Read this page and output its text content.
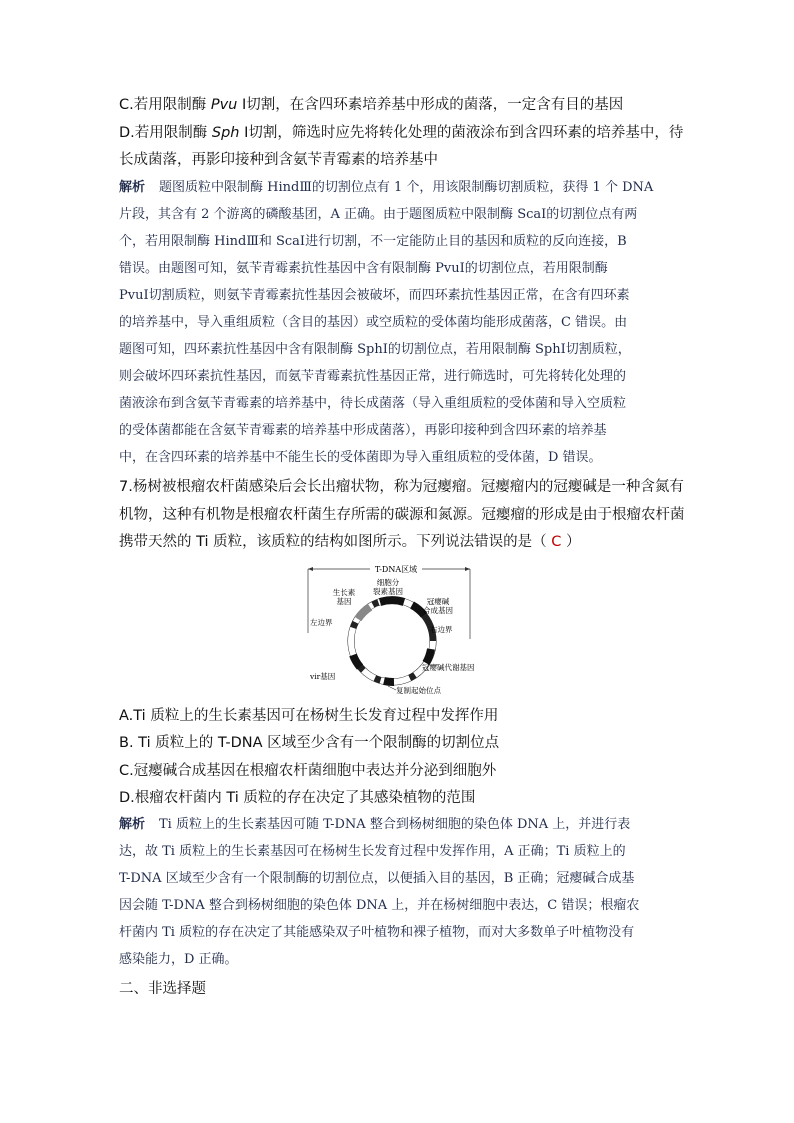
C.若用限制酶 Pvu Ⅰ切割，在含四环素培养基中形成的菌落，一定含有目的基因
D.若用限制酶 Sph Ⅰ切割，筛选时应先将转化处理的菌液涂布到含四环素的培养基中，待
长成菌落，再影印接种到含氨苄青霉素的培养基中
解析 题图质粒中限制酶 HindⅢ的切割位点有 1 个，用该限制酶切割质粒，获得 1 个 DNA
片段，其含有 2 个游离的磷酸基团，A 正确。由于题图质粒中限制酶 ScaⅠ的切割位点有两
个，若用限制酶 HindⅢ和 ScaⅠ进行切割，不一定能防止目的基因和质粒的反向连接，B
错误。由题图可知，氨苄青霉素抗性基因中含有限制酶 PvuⅠ的切割位点，若用限制酶
PvuⅠ切割质粒，则氨苄青霉素抗性基因会被破坏，而四环素抗性基因正常，在含有四环素
的培养基中，导入重组质粒（含目的基因）或空质粒的受体菌均能形成菌落，C 错误。由
题图可知，四环素抗性基因中含有限制酶 SphⅠ的切割位点，若用限制酶 SphⅠ切割质粒，
则会破坏四环素抗性基因，而氨苄青霉素抗性基因正常，进行筛选时，可先将转化处理的
菌液涂布到含氨苄青霉素的培养基中，待长成菌落（导入重组质粒的受体菌和导入空质粒
的受体菌都能在含氨苄青霉素的培养基中形成菌落），再影印接种到含四环素的培养基
中，在含四环素的培养基中不能生长的受体菌即为导入重组质粒的受体菌，D 错误。
7.杨树被根瘤农杆菌感染后会长出瘤状物，称为冠瘿瘤。冠瘿瘤内的冠瘿碱是一种含氮有
机物，这种有机物是根瘤农杆菌生存所需的碳源和氮源。冠瘿瘤的形成是由于根瘤农杆菌
携带天然的 Ti 质粒，该质粒的结构如图所示。下列说法错误的是（ C ）
T-DNA区域
生长素
基因
细胞分
裂素基因
冠瘿碱
合成基因
左边界
右边界
冠瘿碱代谢基因
vir基因
复制起始位点
A.Ti 质粒上的生长素基因可在杨树生长发育过程中发挥作用
B. Ti 质粒上的 T-DNA 区域至少含有一个限制酶的切割位点
C.冠瘿碱合成基因在根瘤农杆菌细胞中表达并分泌到细胞外
D.根瘤农杆菌内 Ti 质粒的存在决定了其感染植物的范围
解析 Ti 质粒上的生长素基因可随 T-DNA 整合到杨树细胞的染色体 DNA 上，并进行表
达，故 Ti 质粒上的生长素基因可在杨树生长发育过程中发挥作用，A 正确；Ti 质粒上的
T-DNA 区域至少含有一个限制酶的切割位点，以便插入目的基因，B 正确；冠瘿碱合成基
因会随 T-DNA 整合到杨树细胞的染色体 DNA 上，并在杨树细胞中表达，C 错误；根瘤农
杆菌内 Ti 质粒的存在决定了其能感染双子叶植物和裸子植物，而对大多数单子叶植物没有
感染能力，D 正确。
二、非选择题
